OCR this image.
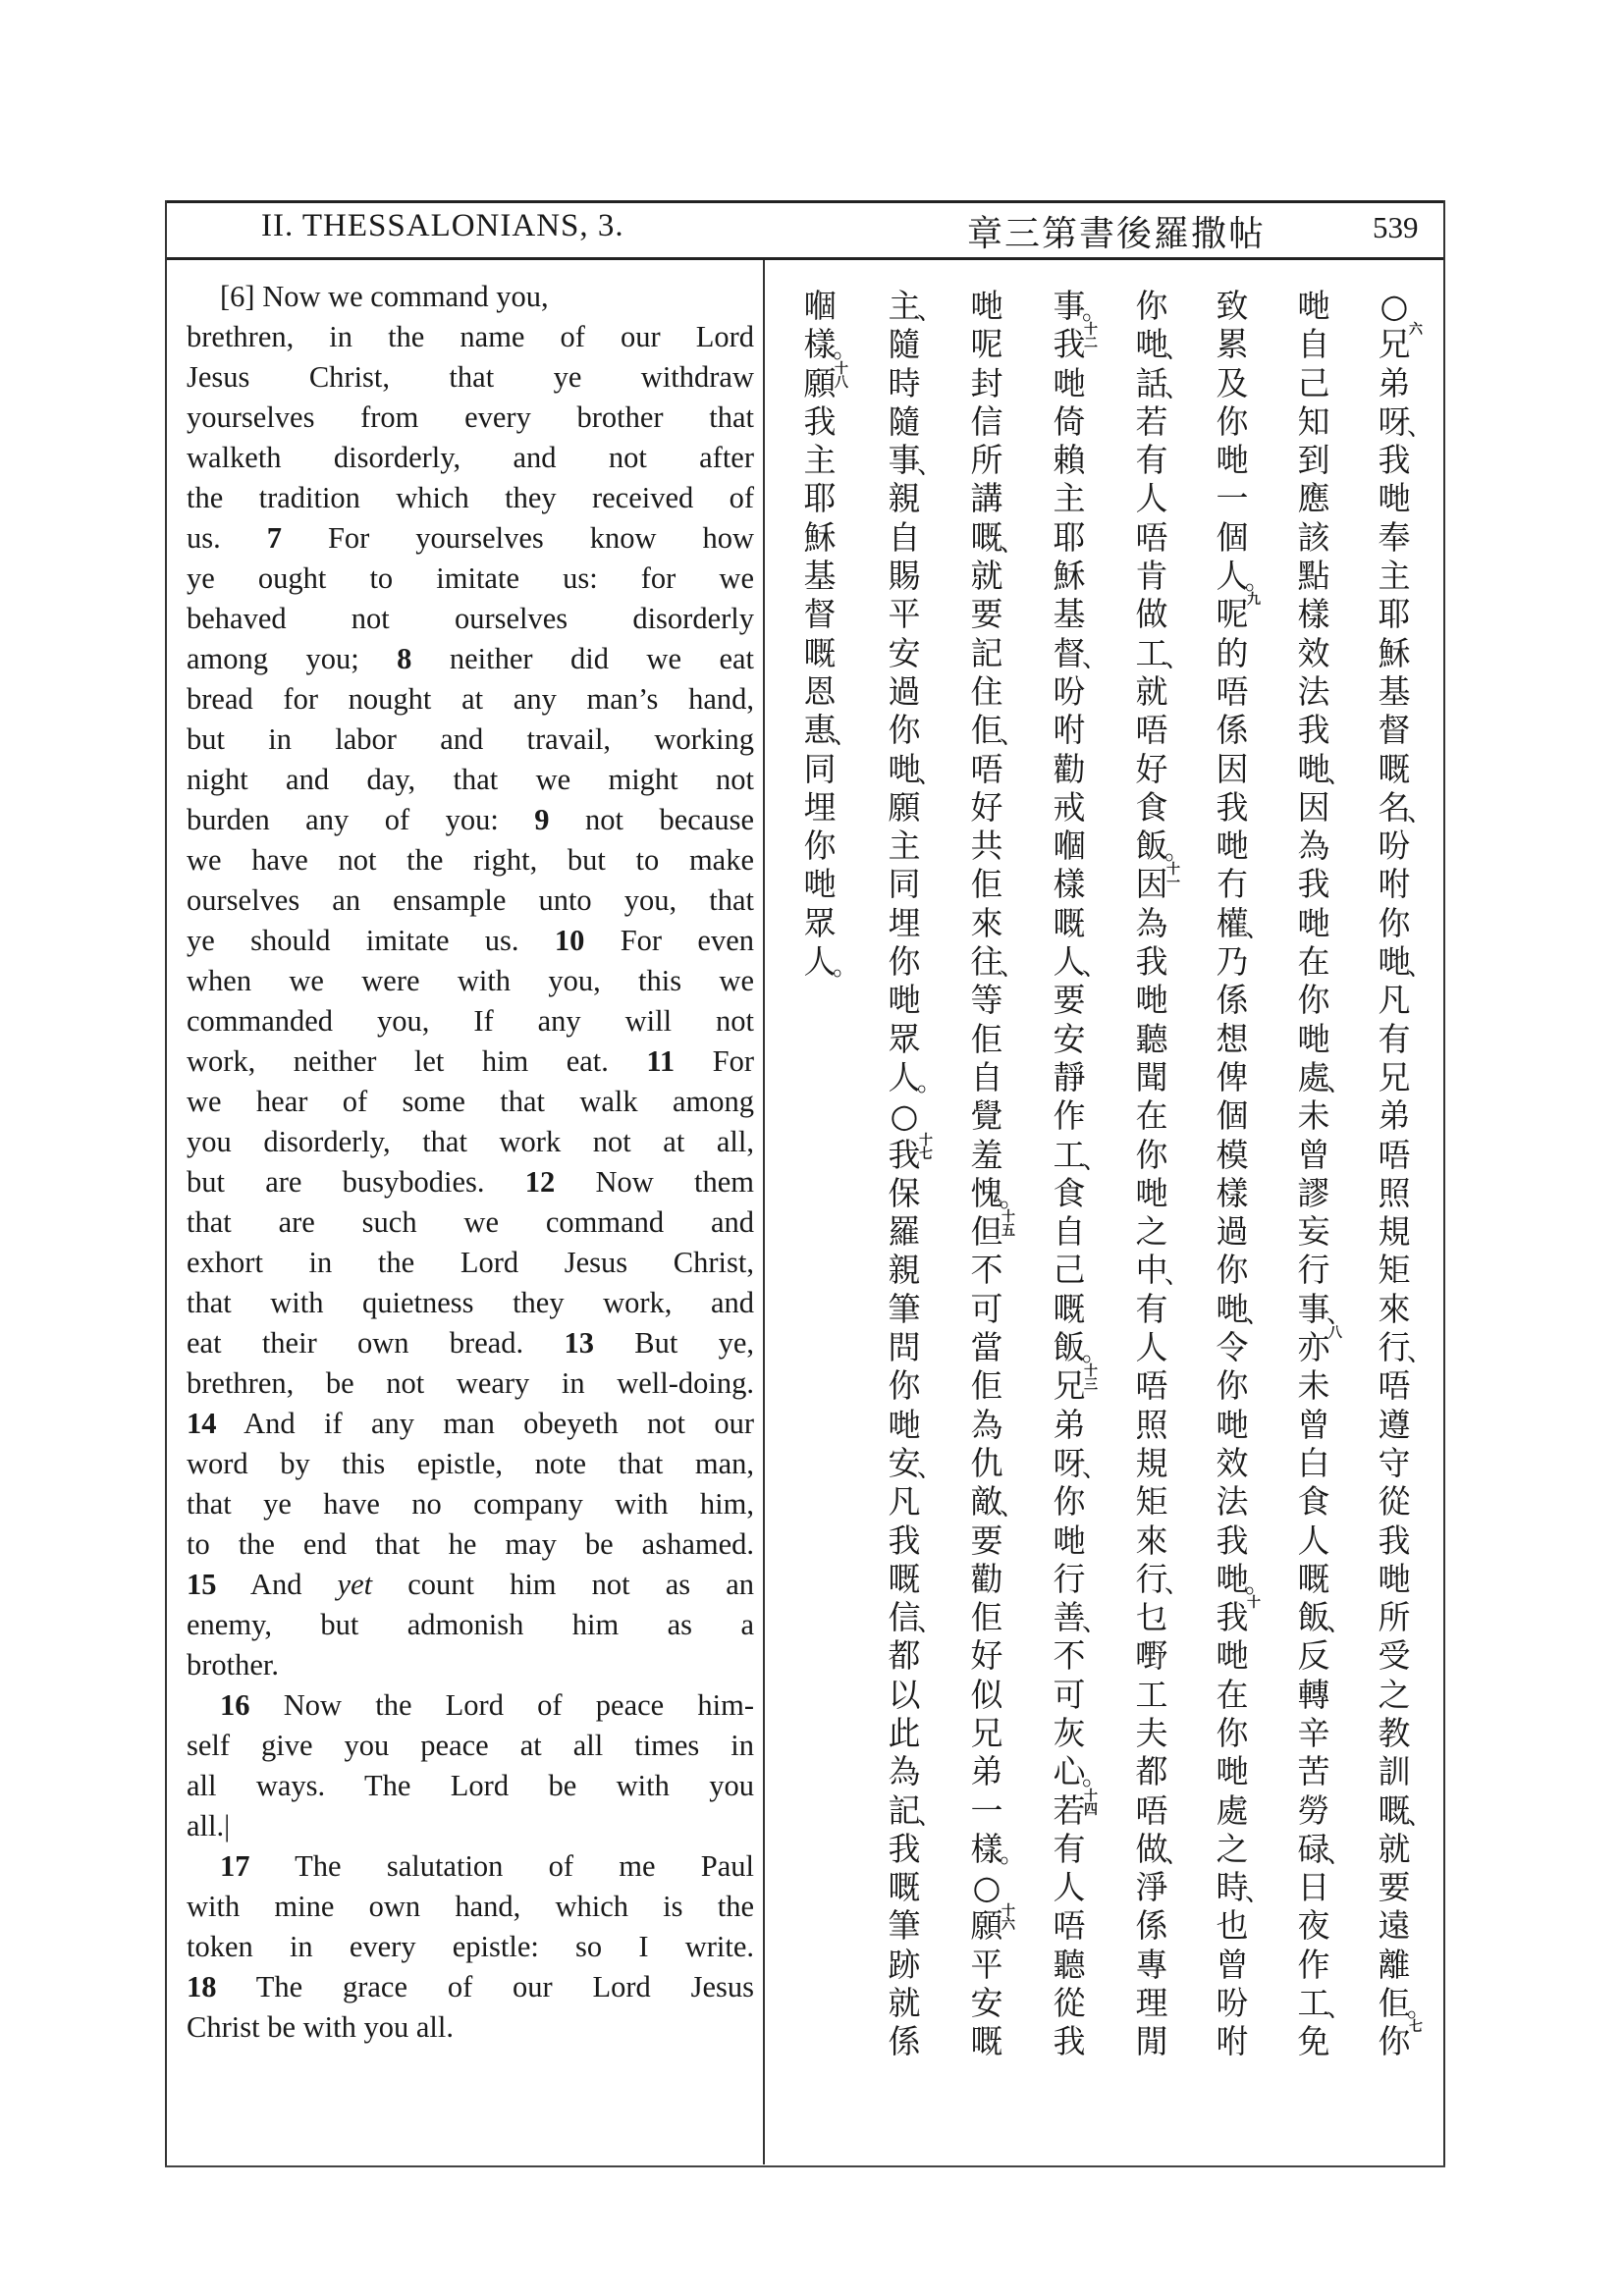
II. THESSALONIANS, 3.	章三第書後羅撒帖	539
[6] Now we command you,
brethren, in the name of our Lord
Jesus Christ, that ye withdraw
yourselves from every brother that
walketh disorderly, and not after
the tradition which they received of
us. 7 For yourselves know how
ye ought to imitate us: for we
behaved not ourselves disorderly
among you; 8 neither did we eat
bread for nought at any man’s hand,
but in labor and travail, working
night and day, that we might not
burden any of you: 9 not because
we have not the right, but to make
ourselves an ensample unto you, that
ye should imitate us. 10 For even
when we were with you, this we
commanded you, If any will not
work, neither let him eat. 11 For
we hear of some that walk among
you disorderly, that work not at all,
but are busybodies. 12 Now them
that are such we command and
exhort in the Lord Jesus Christ,
that with quietness they work, and
eat their own bread. 13 But ye,
brethren, be not weary in well-doing.
14 And if any man obeyeth not our
word by this epistle, note that man,
that ye have no company with him,
to the end that he may be ashamed.
15 And yet count him not as an
enemy, but admonish him as a
brother.
16 Now the Lord of peace him-
self give you peace at all times in
all ways. The Lord be with you
all.|
17 The salutation of me Paul
with mine own hand, which is the
token in every epistle: so I write.
18 The grace of our Lord Jesus
Christ be with you all.
○
兄
六
弟
呀
、
我
哋
奉
主
耶
穌
基
督
嘅
名
、
吩
咐
你
哋
、
凡
有
兄
弟
唔
照
規
矩
來
行
、
唔
遵
守
從
我
哋
所
受
之
教
訓
嘅
、
就
要
遠
離
佢
。
你
七
哋
自
己
知
到
應
該
點
樣
效
法
我
哋
、
因
為
我
哋
在
你
哋
處
、
未
曾
謬
妄
行
事
、
亦
八
未
曾
白
食
人
嘅
飯
、
反
轉
辛
苦
勞
碌
、
日
夜
作
工
、
免
致
累
及
你
哋
一
個
人
。
呢
九
的
唔
係
因
我
哋
冇
權
、
乃
係
想
俾
個
模
樣
過
你
哋
、
令
你
哋
效
法
我
哋
。
我
十
哋
在
你
哋
處
之
時
、
也
曾
吩
咐
你
哋
、
話
、
若
有
人
唔
肯
做
工
、
就
唔
好
食
飯
。
因
十一
為
我
哋
聽
聞
在
你
哋
之
中
、
有
人
唔
照
規
矩
來
行
、
乜
嘢
工
夫
都
唔
做
、
淨
係
專
理
閒
事
。
我
十二
哋
倚
賴
主
耶
穌
基
督
、
吩
咐
勸
戒
嗰
樣
嘅
人
、
要
安
靜
作
工
、
食
自
己
嘅
飯
。
兄
十三
弟
呀
、
你
哋
行
善
、
不
可
灰
心
。
若
十四
有
人
唔
聽
從
我
哋
呢
封
信
所
講
嘅
、
就
要
記
住
佢
、
唔
好
共
佢
來
往
、
等
佢
自
覺
羞
愧
。
但
十五
不
可
當
佢
為
仇
敵
、
要
勸
佢
好
似
兄
弟
一
樣
。
○
願
十六
平
安
嘅
主
、
隨
時
隨
事
、
親
自
賜
平
安
過
你
哋
、
願
主
同
埋
你
哋
眾
人
。
○
我
十七
保
羅
親
筆
問
你
哋
安
、
凡
我
嘅
信
、
都
以
此
為
記
、
我
嘅
筆
跡
就
係
嗰
樣
。
願
十八
我
主
耶
穌
基
督
嘅
恩
惠
、
同
埋
你
哋
眾
人
。
